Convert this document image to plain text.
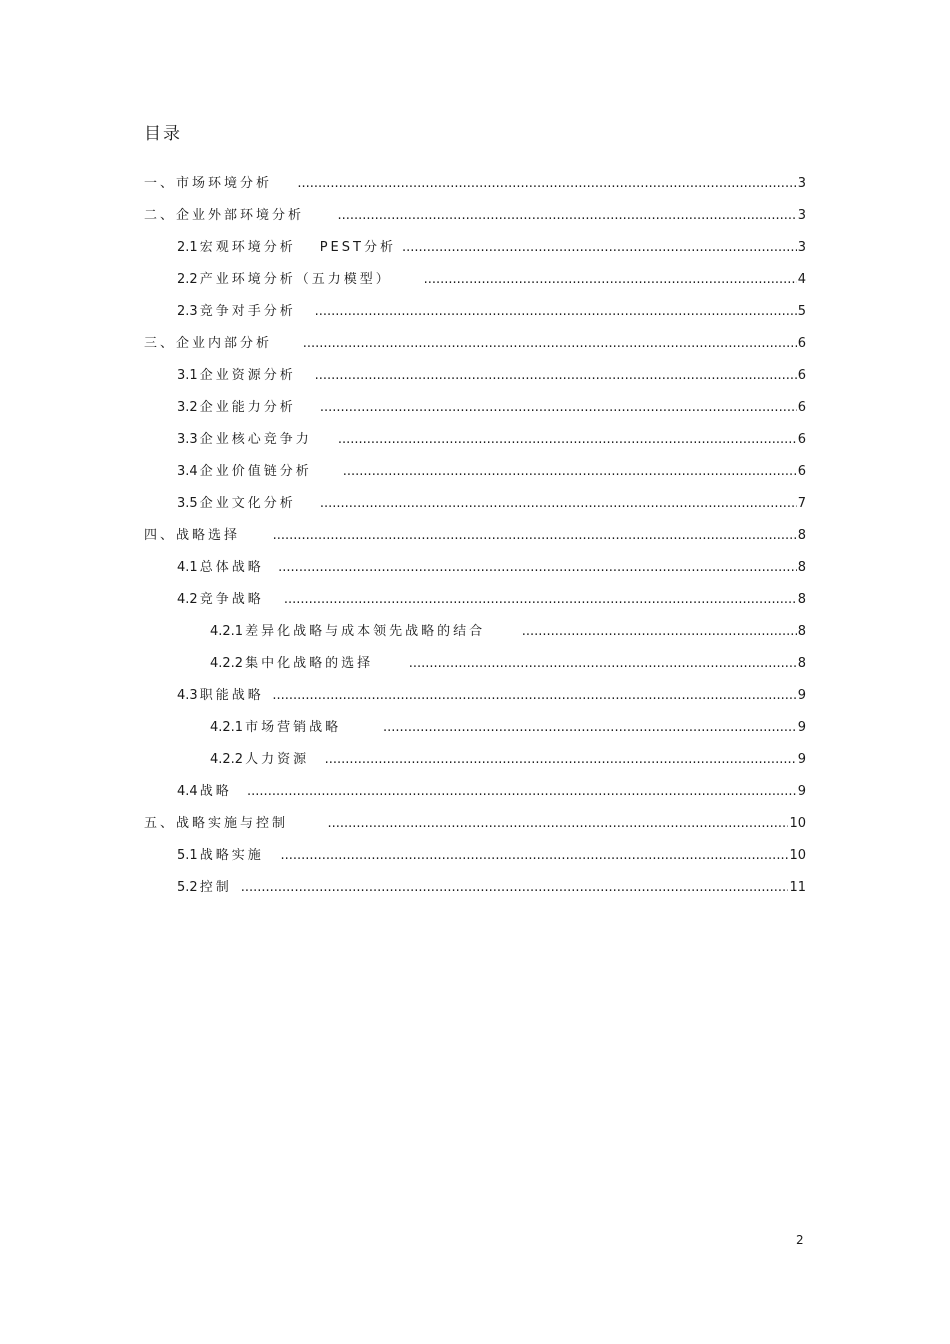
目录
一、市场环境分析 .....	3
二、企业外部环境分析 .....	3
2.1 宏观环境分析 PEST分析 .....	3
2.2 产业环境分析（五力模型） .....	4
2.3 竞争对手分析 .....	5
三、企业内部分析 .....	6
3.1 企业资源分析 .....	6
3.2 企业能力分析 .....	6
3.3 企业核心竞争力 .....	6
3.4 企业价值链分析 .....	6
3.5 企业文化分析 .....	7
四、战略选择 .....	8
4.1 总体战略 .....	8
4.2 竞争战略 .....	8
4.2.1 差异化战略与成本领先战略的结合 .....	8
4.2.2 集中化战略的选择 .....	8
4.3 职能战略 .....	9
4.2.1 市场营销战略 .....	9
4.2.2 人力资源 .....	9
4.4 战略 .....	9
五、战略实施与控制 .....	10
5.1 战略实施 .....	10
5.2 控制 .....	11
2
